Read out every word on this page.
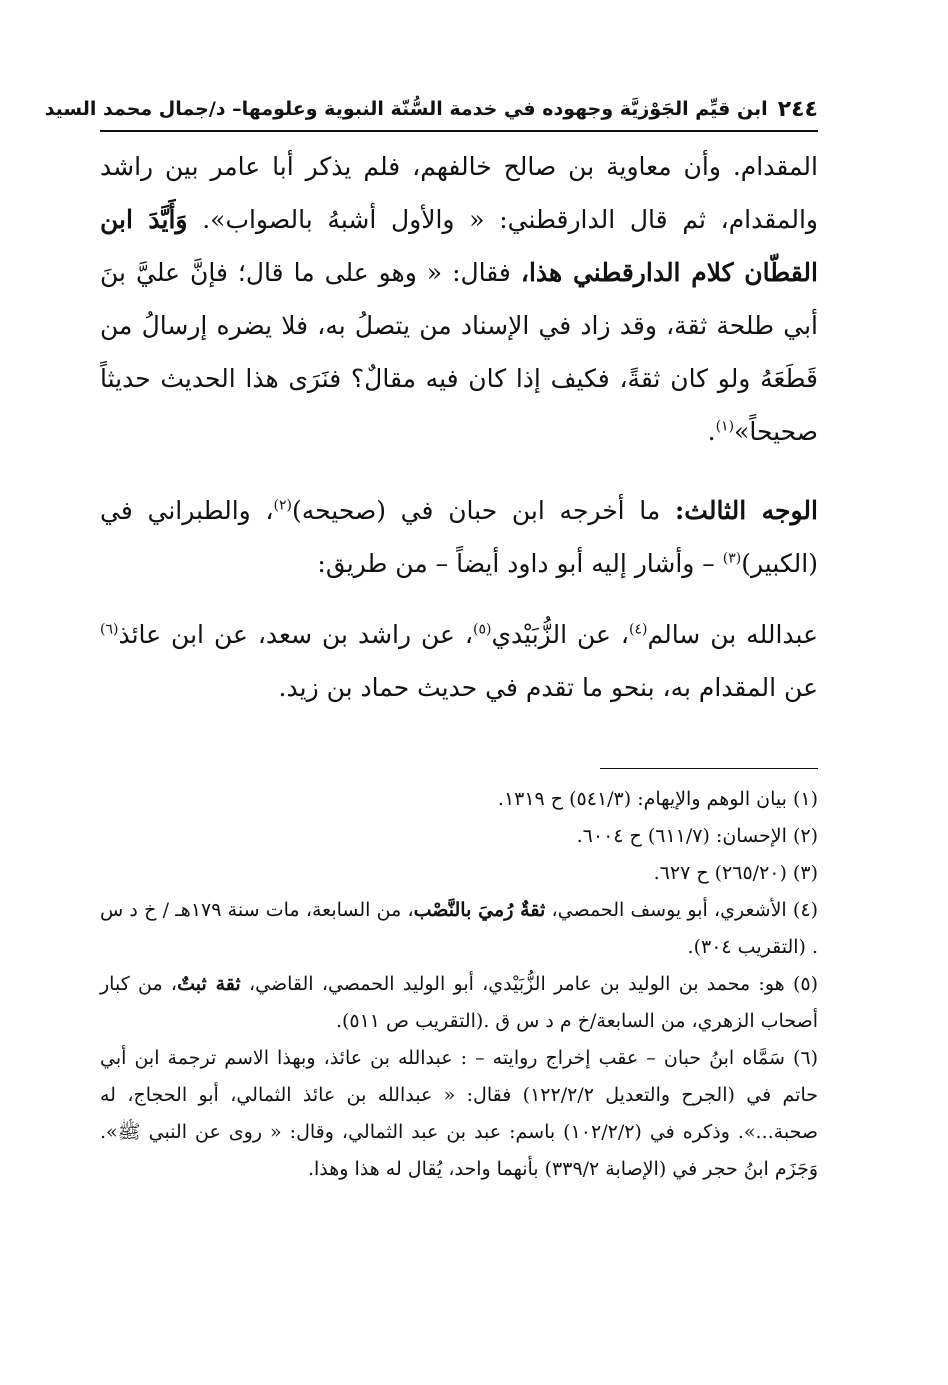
٢٤٤
ابن قيِّم الجَوْزيَّة وجهوده في خدمة السُّنّة النبوية وعلومها– د/جمال محمد السيد

المقدام. وأن معاوية بن صالح خالفهم، فلم يذكر أبا عامر بين راشد والمقدام، ثم قال الدارقطني: « والأول أشبهُ بالصواب». وَأَيَّدَ ابن القطّان كلام الدارقطني هذا، فقال: « وهو على ما قال؛ فإنَّ عليَّ بنَ أبي طلحة ثقة، وقد زاد في الإسناد من يتصلُ به، فلا يضره إرسالُ من قَطَعَهُ ولو كان ثقةً، فكيف إذا كان فيه مقالٌ؟ فنَرَى هذا الحديث حديثاً صحيحاً»$^{(١)}$.

الوجه الثالث: ما أخرجه ابن حبان في (صحيحه)$^{(٢)}$، والطبراني في (الكبير)$^{(٣)}$ – وأشار إليه أبو داود أيضاً – من طريق:

عبدالله بن سالم$^{(٤)}$، عن الزُّبَيْدي$^{(٥)}$، عن راشد بن سعد، عن ابن عائذ$^{(٦)}$ عن المقدام به، بنحو ما تقدم في حديث حماد بن زيد.

(١) بيان الوهم والإيهام: (٥٤١/٣) ح ١٣١٩.

(٢) الإحسان: (٦١١/٧) ح ٦٠٠٤.

(٣) (٢٦٥/٢٠) ح ٦٢٧.

(٤) الأشعري، أبو يوسف الحمصي، ثقةٌ رُميَ بالنَّصْب، من السابعة، مات سنة ١٧٩هـ / خ د س . (التقريب ٣٠٤).

(٥) هو: محمد بن الوليد بن عامر الزُّبَيْدي، أبو الوليد الحمصي، القاضي، ثقة ثبتٌ، من كبار أصحاب الزهري، من السابعة/خ م د س ق .(التقريب ص ٥١١).

(٦) سَمَّاه ابنُ حبان – عقب إخراج روايته – : عبدالله بن عائذ، وبهذا الاسم ترجمة ابن أبي حاتم في (الجرح والتعديل ١٢٢/٢/٢) فقال: « عبدالله بن عائذ الثمالي، أبو الحجاج، له صحبة...». وذكره في (١٠٢/٢/٢) باسم: عبد بن عبد الثمالي، وقال: « روى عن النبي ﷺ». وَجَزَم ابنُ حجر في (الإصابة ٣٣٩/٢) بأنهما واحد، يُقال له هذا وهذا.
